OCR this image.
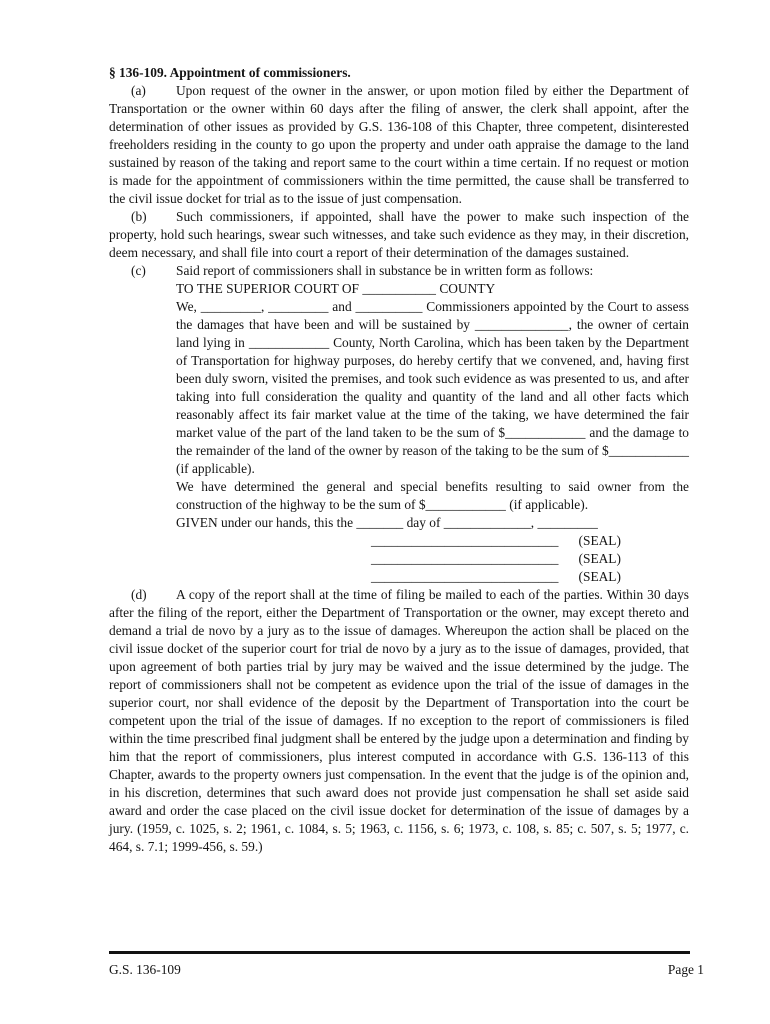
§ 136-109. Appointment of commissioners.

(a) Upon request of the owner in the answer, or upon motion filed by either the Department of Transportation or the owner within 60 days after the filing of answer, the clerk shall appoint, after the determination of other issues as provided by G.S. 136-108 of this Chapter, three competent, disinterested freeholders residing in the county to go upon the property and under oath appraise the damage to the land sustained by reason of the taking and report same to the court within a time certain. If no request or motion is made for the appointment of commissioners within the time permitted, the cause shall be transferred to the civil issue docket for trial as to the issue of just compensation.

(b) Such commissioners, if appointed, shall have the power to make such inspection of the property, hold such hearings, swear such witnesses, and take such evidence as they may, in their discretion, deem necessary, and shall file into court a report of their determination of the damages sustained.

(c) Said report of commissioners shall in substance be in written form as follows:

TO THE SUPERIOR COURT OF ___________ COUNTY

We, _________, _________ and __________ Commissioners appointed by the Court to assess the damages that have been and will be sustained by ______________, the owner of certain land lying in ____________ County, North Carolina, which has been taken by the Department of Transportation for highway purposes, do hereby certify that we convened, and, having first been duly sworn, visited the premises, and took such evidence as was presented to us, and after taking into full consideration the quality and quantity of the land and all other facts which reasonably affect its fair market value at the time of the taking, we have determined the fair market value of the part of the land taken to be the sum of $____________ and the damage to the remainder of the land of the owner by reason of the taking to be the sum of $____________ (if applicable).

We have determined the general and special benefits resulting to said owner from the construction of the highway to be the sum of $____________ (if applicable).

GIVEN under our hands, this the _______ day of _____________, _________

____________________________      (SEAL)
____________________________      (SEAL)
____________________________      (SEAL)

(d) A copy of the report shall at the time of filing be mailed to each of the parties. Within 30 days after the filing of the report, either the Department of Transportation or the owner, may except thereto and demand a trial de novo by a jury as to the issue of damages. Whereupon the action shall be placed on the civil issue docket of the superior court for trial de novo by a jury as to the issue of damages, provided, that upon agreement of both parties trial by jury may be waived and the issue determined by the judge. The report of commissioners shall not be competent as evidence upon the trial of the issue of damages in the superior court, nor shall evidence of the deposit by the Department of Transportation into the court be competent upon the trial of the issue of damages. If no exception to the report of commissioners is filed within the time prescribed final judgment shall be entered by the judge upon a determination and finding by him that the report of commissioners, plus interest computed in accordance with G.S. 136-113 of this Chapter, awards to the property owners just compensation. In the event that the judge is of the opinion and, in his discretion, determines that such award does not provide just compensation he shall set aside said award and order the case placed on the civil issue docket for determination of the issue of damages by a jury. (1959, c. 1025, s. 2; 1961, c. 1084, s. 5; 1963, c. 1156, s. 6; 1973, c. 108, s. 85; c. 507, s. 5; 1977, c. 464, s. 7.1; 1999-456, s. 59.)

G.S. 136-109	Page 1
